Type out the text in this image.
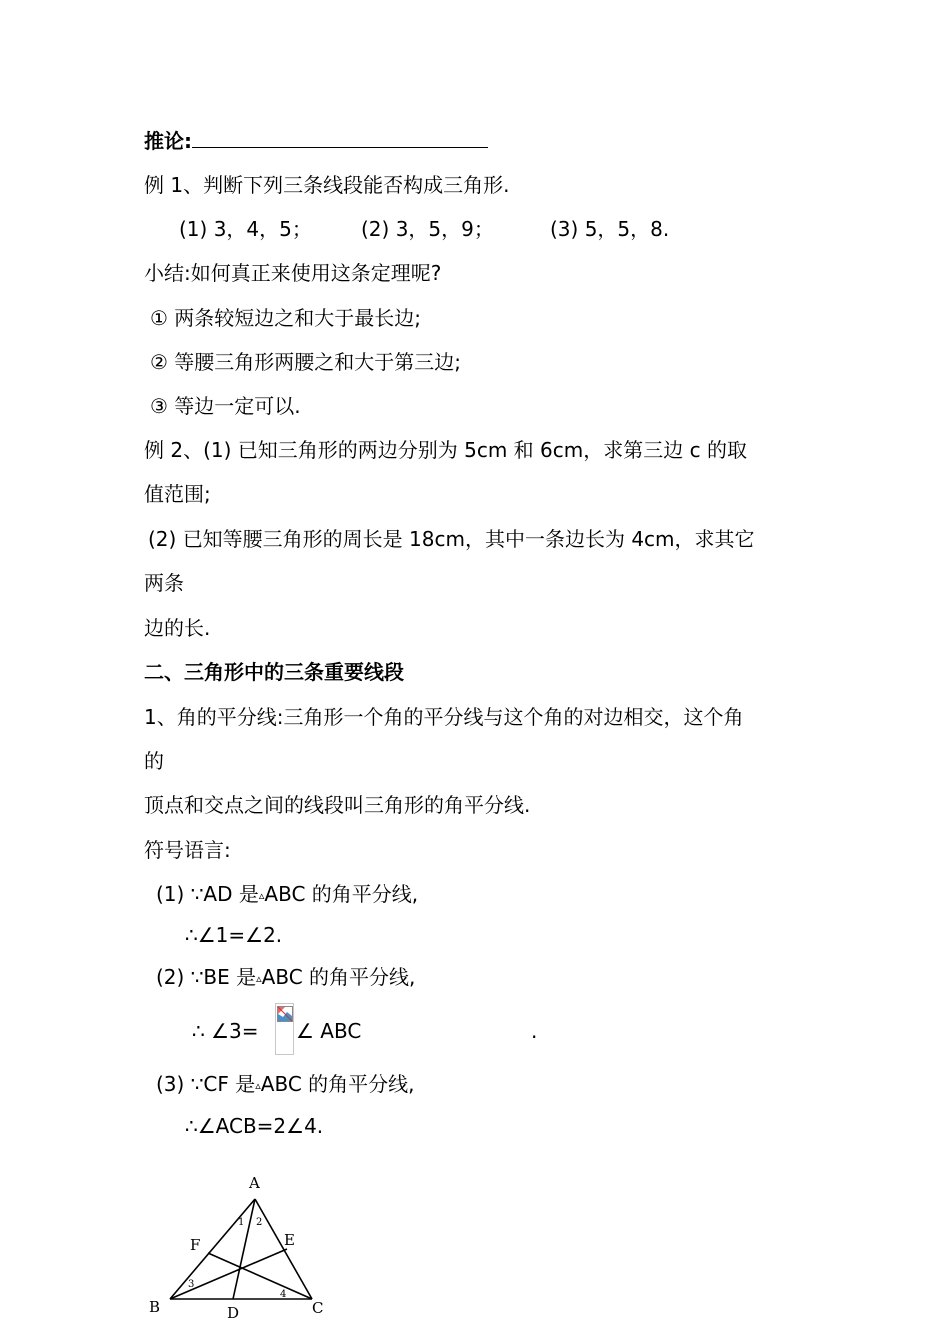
推论:
例 1、判断下列三条线段能否构成三角形.
(1) 3，4，5； (2) 3，5，9；	(3) 5，5，8.
小结:如何真正来使用这条定理呢?
① 两条较短边之和大于最长边;
② 等腰三角形两腰之和大于第三边;
③ 等边一定可以.
例 2、(1) 已知三角形的两边分别为 5cm 和 6cm，求第三边 c 的取
值范围;
(2) 已知等腰三角形的周长是 18cm，其中一条边长为 4cm，求其它
两条
边的长.
二、三角形中的三条重要线段
1、角的平分线:三角形一个角的平分线与这个角的对边相交，这个角
的
顶点和交点之间的线段叫三角形的角平分线.
符号语言:
(1) ∵AD 是▵ABC 的角平分线,
∴∠1=∠2.
(2) ∵BE 是▵ABC 的角平分线,
∴ ∠3= ∠ ABC	.
(3) ∵CF 是▵ABC 的角平分线,
∴∠ACB=2∠4.
A
B	C
D
E
F
1 2
3
4
